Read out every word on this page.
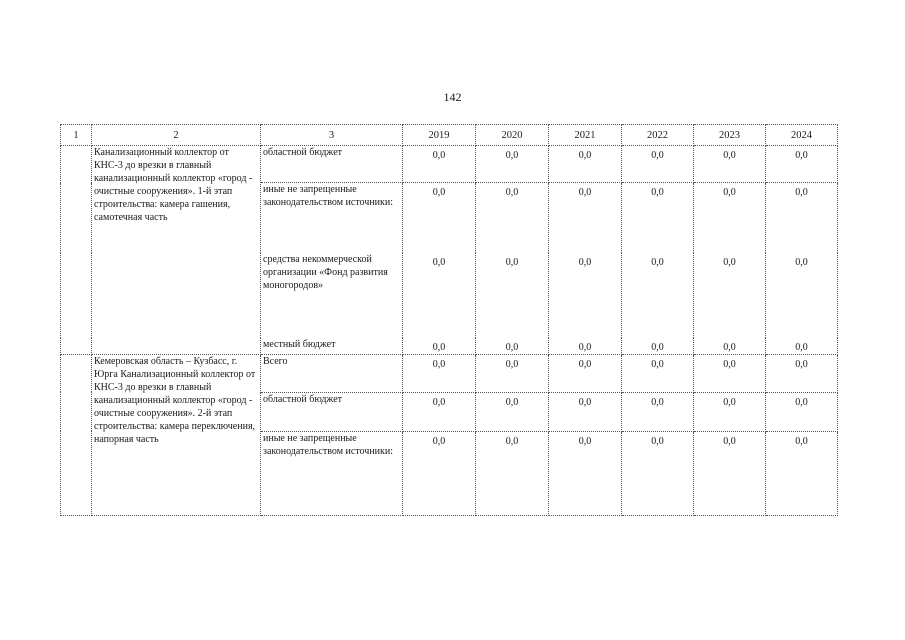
142
1	2	3	2019	2020	2021	2022	2023	2024
	Канализационный коллектор от КНС-3 до врезки в главный канализационный коллектор «город - очистные сооружения». 1-й этап строительства: камера гашения, самотечная часть	областной бюджет	0,0	0,0	0,0	0,0	0,0	0,0
		иные не запрещенные законодательством источники:	0,0	0,0	0,0	0,0	0,0	0,0
		средства некоммерческой организации «Фонд развития моногородов»	0,0	0,0	0,0	0,0	0,0	0,0
		местный бюджет	0,0	0,0	0,0	0,0	0,0	0,0
	Кемеровская область – Кузбасс, г. Юрга Канализационный коллектор от КНС-3 до врезки в главный канализационный коллектор «город - очистные сооружения». 2-й этап строительства: камера переключения, напорная часть	Всего	0,0	0,0	0,0	0,0	0,0	0,0
		областной бюджет	0,0	0,0	0,0	0,0	0,0	0,0
		иные не запрещенные законодательством источники:	0,0	0,0	0,0	0,0	0,0	0,0
